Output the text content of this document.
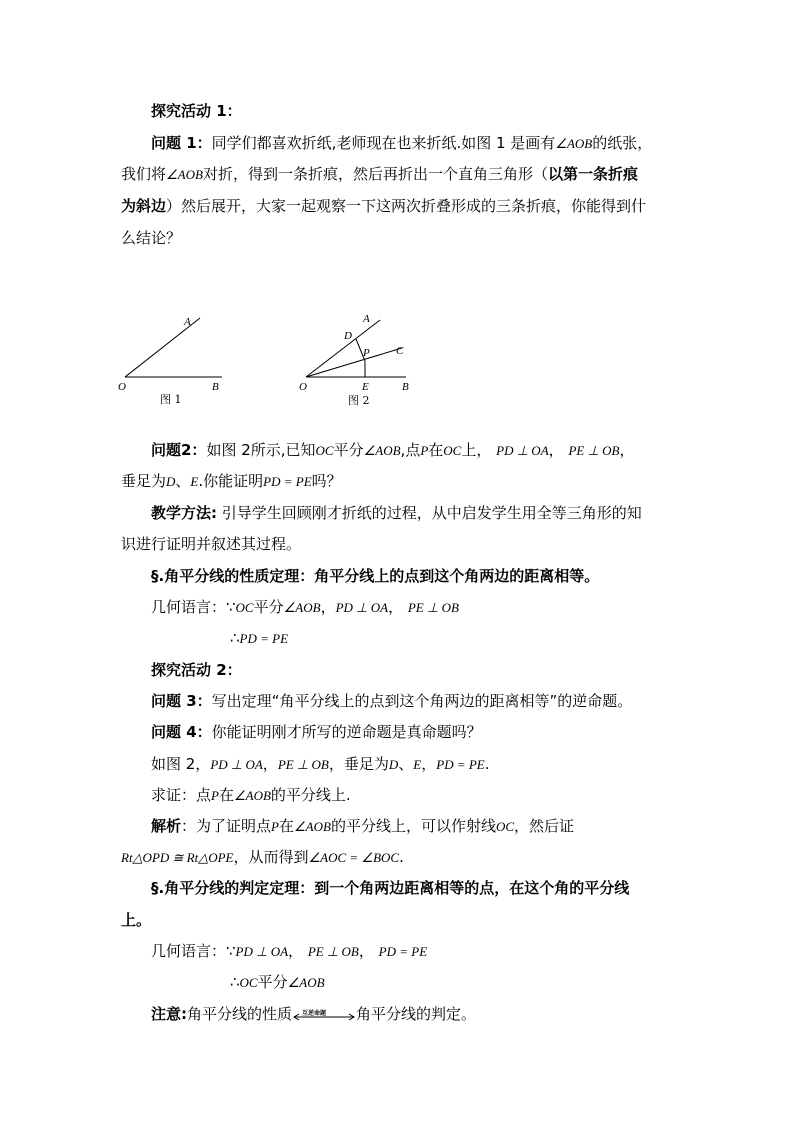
探究活动 1：
问题 1：同学们都喜欢折纸,老师现在也来折纸.如图 1 是画有∠AOB的纸张，
我们将∠AOB对折，得到一条折痕，然后再折出一个直角三角形（以第一条折痕
为斜边）然后展开，大家一起观察一下这两次折叠形成的三条折痕，你能得到什
么结论？
A
O	B
图 1
A
D
P C
O	E	B
图 2
问题2：如图 2所示,已知OC平分∠AOB,点P在OC上， PD ⊥ OA， PE ⊥ OB，
垂足为D、E.你能证明PD = PE吗？
教学方法: 引导学生回顾刚才折纸的过程，从中启发学生用全等三角形的知
识进行证明并叙述其过程。
§.角平分线的性质定理：角平分线上的点到这个角两边的距离相等。
几何语言：∵OC平分∠AOB，PD ⊥ OA， PE ⊥ OB
∴PD = PE
探究活动 2：
问题 3：写出定理“角平分线上的点到这个角两边的距离相等”的逆命题。
问题 4：你能证明刚才所写的逆命题是真命题吗？
如图 2，PD ⊥ OA，PE ⊥ OB，垂足为D、E，PD = PE.
求证：点P在∠AOB的平分线上.
解析：为了证明点P在∠AOB的平分线上，可以作射线OC，然后证
Rt△OPD ≅ Rt△OPE，从而得到∠AOC = ∠BOC.
§.角平分线的判定定理：到一个角两边距离相等的点，在这个角的平分线
上。
几何语言：∵PD ⊥ OA， PE ⊥ OB， PD = PE
∴OC平分∠AOB
注意:角平分线的性质 互逆命题 角平分线的判定。
